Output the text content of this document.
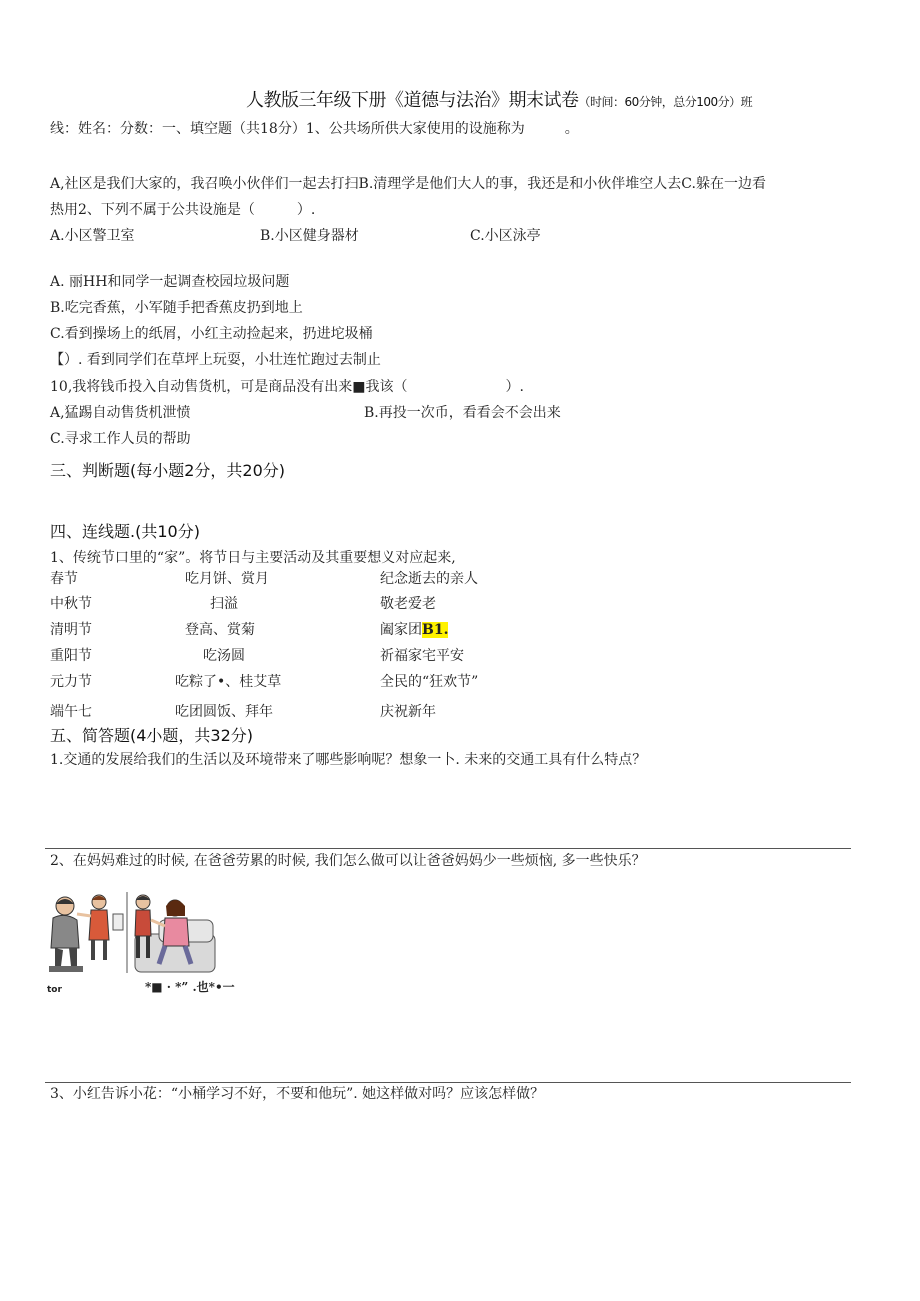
人教版三年级下册《道德与法治》期末试卷（时间：60分钟，总分100分）班
线：姓名：分数：一、填空题（共18分）1、公共场所供大家使用的设施称为	。
A,社区是我们大家的，我召唤小伙伴们一起去打扫B.清理学是他们大人的事，我还是和小伙伴堆空人去C.躲在一边看
热用2、下列不属于公共设施是（　　　）.
A.小区警卫室	B.小区健身器材	C.小区泳亭
A. 丽HH和同学一起调查校园垃圾问题
B.吃完香蕉，小军随手把香蕉皮扔到地上
C.看到操场上的纸屑，小红主动捡起来，扔进坨圾桶
【）. 看到同学们在草坪上玩耍，小壮连忙跑过去制止
10,我将钱币投入自动售货机，可是商品没有出来■我该（　　　　　　　）.
A,猛踢自动售货机泄愤	B.再投一次币，看看会不会出来
C.寻求工作人员的帮助
三、判断题(每小题2分，共20分)
四、连线题.(共10分)
1、传统节口里的“家”。将节日与主要活动及其重要想义对应起来,
春节	吃月饼、赏月	纪念逝去的亲人
中秋节	扫溢	敬老爱老
清明节	登高、赏菊	阖家团B1.
重阳节	吃汤圆	祈福家宅平安
元力节	吃粽了•、桂艾草	全民的“狂欢节”
端午七	吃团圆饭、拜年	庆祝新年
五、简答题(4小题，共32分)
1.交通的发展给我们的生活以及环境带来了哪些影响呢？想象一卜. 未来的交通工具有什么特点？
2、在妈妈难过的时候, 在爸爸劳累的时候, 我们怎么做可以让爸爸妈妈少一些烦恼, 多一些快乐？
tor	*■ · *” .也*•一
3、小红告诉小花：“小桶学习不好，不要和他玩”. 她这样做对吗？应该怎样做？
